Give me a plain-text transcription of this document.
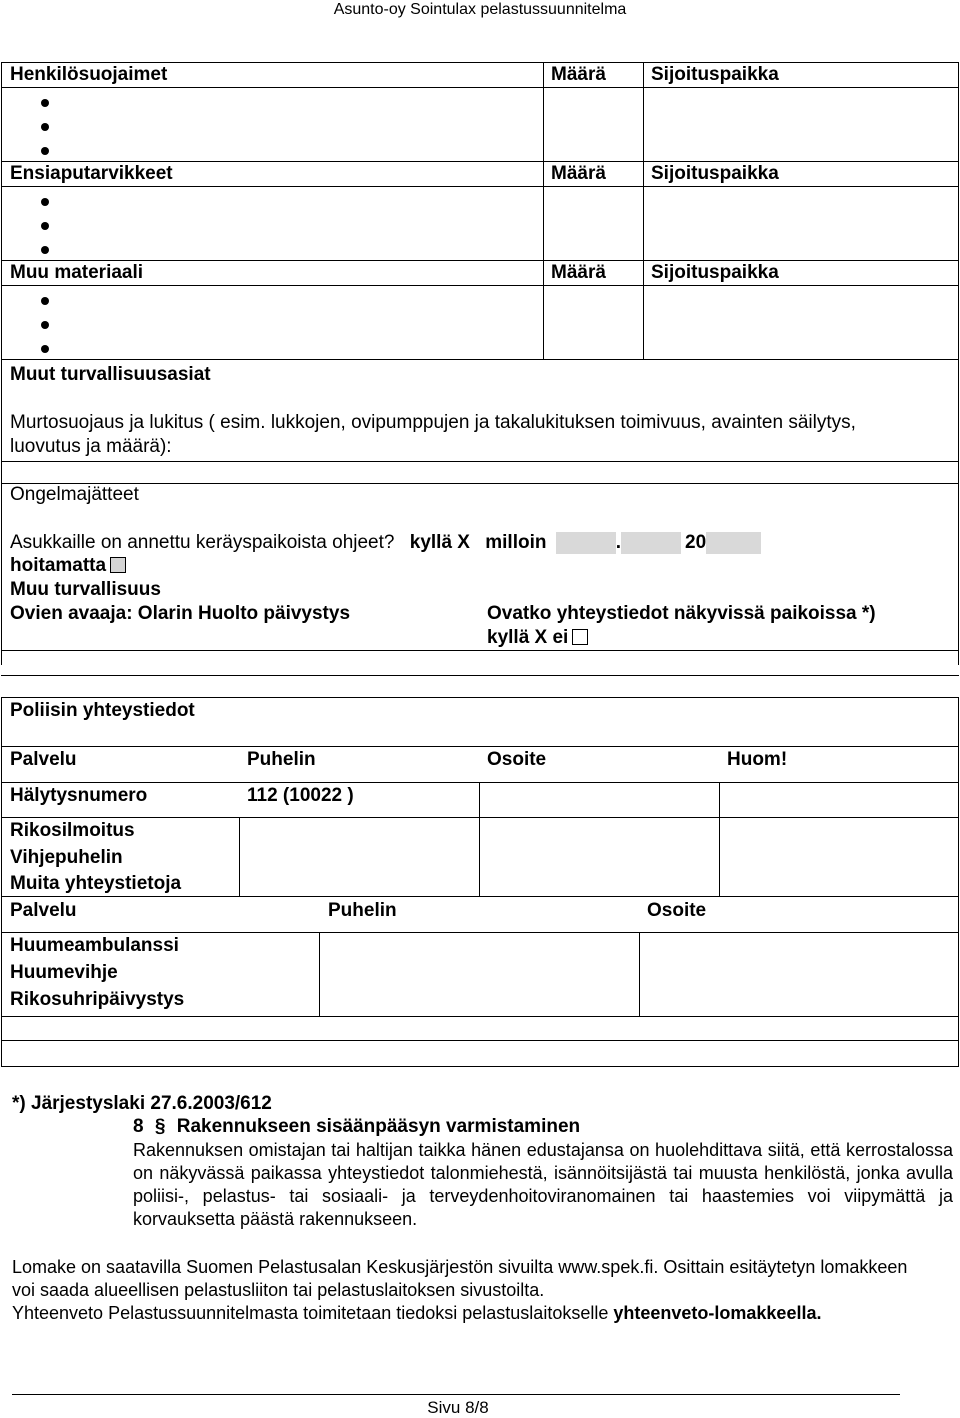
Asunto-oy Sointulax pelastussuunnitelma
Henkilösuojaimet	Määrä Sijoituspaikka
Ensiaputarvikkeet	Määrä Sijoituspaikka
Muu materiaali	Määrä Sijoituspaikka
Muut turvallisuusasiat
Murtosuojaus ja lukitus ( esim. lukkojen, ovipumppujen ja takalukituksen toimivuus, avainten säilytys,
luovutus ja määrä):
Ongelmajätteet
Asukkaille on annettu keräyspaikoista ohjeet? kyllä X milloin	.	20
hoitamatta
Muu turvallisuus
Ovien avaaja: Olarin Huolto päivystys	Ovatko yhteystiedot näkyvissä paikoissa *)
kyllä X ei
Poliisin yhteystiedot
Palvelu	Puhelin	Osoite	Huom!
Hälytysnumero	112 (10022 )
Rikosilmoitus
Vihjepuhelin
Muita yhteystietoja
Palvelu	Puhelin	Osoite
Huumeambulanssi
Huumevihje
Rikosuhripäivystys
*) Järjestyslaki 27.6.2003/612
8 § Rakennukseen sisäänpääsyn varmistaminen
Rakennuksen omistajan tai haltijan taikka hänen edustajansa on huolehdittava siitä, että kerrostalossa on näkyvässä paikassa yhteystiedot talonmiehestä, isännöitsijästä tai muusta henkilöstä, jonka avulla poliisi-, pelastus- tai sosiaali- ja terveydenhoitoviranomainen tai haastemies voi viipymättä ja korvauksetta päästä rakennukseen.
Lomake on saatavilla Suomen Pelastusalan Keskusjärjestön sivuilta www.spek.fi. Osittain esitäytetyn lomakkeen voi saada alueellisen pelastusliiton tai pelastuslaitoksen sivustoilta.
Yhteenveto Pelastussuunnitelmasta toimitetaan tiedoksi pelastuslaitokselle yhteenveto-lomakkeella.
Sivu 8/8
